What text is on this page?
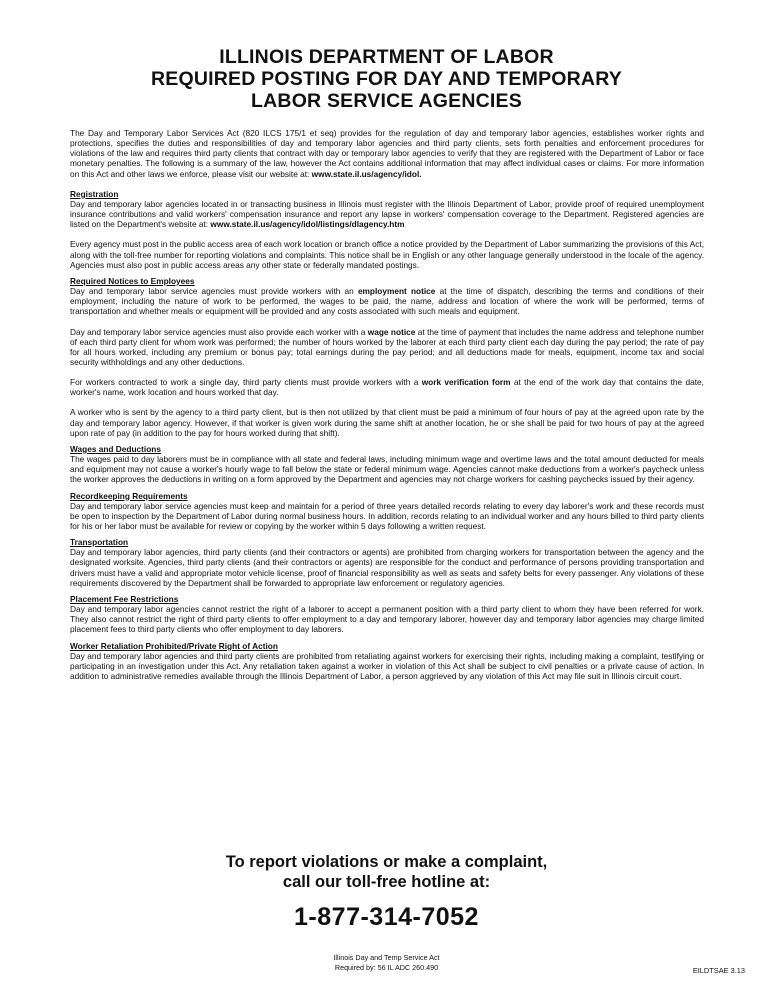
ILLINOIS DEPARTMENT OF LABOR
REQUIRED POSTING FOR DAY AND TEMPORARY
LABOR SERVICE AGENCIES

The Day and Temporary Labor Services Act (820 ILCS 175/1 et seq) provides for the regulation of day and temporary labor agencies, establishes worker rights and protections, specifies the duties and responsibilities of day and temporary labor agencies and third party clients, sets forth penalties and enforcement procedures for violations of the law and requires third party clients that contract with day or temporary labor agencies to verify that they are registered with the Department of Labor or face monetary penalties. The following is a summary of the law, however the Act contains additional information that may affect individual cases or claims. For more information on this Act and other laws we enforce, please visit our website at: www.state.il.us/agency/idol.

Registration

Day and temporary labor agencies located in or transacting business in Illinois must register with the Illinois Department of Labor, provide proof of required unemployment insurance contributions and valid workers' compensation insurance and report any lapse in workers' compensation coverage to the Department. Registered agencies are listed on the Department's website at: www.state.il.us/agency/idol/listings/dlagency.htm

Every agency must post in the public access area of each work location or branch office a notice provided by the Department of Labor summarizing the provisions of this Act, along with the toll-free number for reporting violations and complaints. This notice shall be in English or any other language generally understood in the locale of the agency. Agencies must also post in public access areas any other state or federally mandated postings.

Required Notices to Employees

Day and temporary labor service agencies must provide workers with an employment notice at the time of dispatch, describing the terms and conditions of their employment, including the nature of work to be performed, the wages to be paid, the name, address and location of where the work will be performed, terms of transportation and whether meals or equipment will be provided and any costs associated with such meals and equipment.

Day and temporary labor service agencies must also provide each worker with a wage notice at the time of payment that includes the name address and telephone number of each third party client for whom work was performed; the number of hours worked by the laborer at each third party client each day during the pay period; the rate of pay for all hours worked, including any premium or bonus pay; total earnings during the pay period; and all deductions made for meals, equipment, income tax and social security withholdings and any other deductions.

For workers contracted to work a single day, third party clients must provide workers with a work verification form at the end of the work day that contains the date, worker's name, work location and hours worked that day.

A worker who is sent by the agency to a third party client, but is then not utilized by that client must be paid a minimum of four hours of pay at the agreed upon rate by the day and temporary labor agency. However, if that worker is given work during the same shift at another location, he or she shall be paid for two hours of pay at the agreed upon rate of pay (in addition to the pay for hours worked during that shift).

Wages and Deductions

The wages paid to day laborers must be in compliance with all state and federal laws, including minimum wage and overtime laws and the total amount deducted for meals and equipment may not cause a worker's hourly wage to fall below the state or federal minimum wage. Agencies cannot make deductions from a worker's paycheck unless the worker approves the deductions in writing on a form approved by the Department and agencies may not charge workers for cashing paychecks issued by their agency.

Recordkeeping Requirements

Day and temporary labor service agencies must keep and maintain for a period of three years detailed records relating to every day laborer's work and these records must be open to inspection by the Department of Labor during normal business hours. In addition, records relating to an individual worker and any hours billed to third party clients for his or her labor must be available for review or copying by the worker within 5 days following a written request.

Transportation

Day and temporary labor agencies, third party clients (and their contractors or agents) are prohibited from charging workers for transportation between the agency and the designated worksite. Agencies, third party clients (and their contractors or agents) are responsible for the conduct and performance of persons providing transportation and drivers must have a valid and appropriate motor vehicle license, proof of financial responsibility as well as seats and safety belts for every passenger. Any violations of these requirements discovered by the Department shall be forwarded to appropriate law enforcement or regulatory agencies.

Placement Fee Restrictions

Day and temporary labor agencies cannot restrict the right of a laborer to accept a permanent position with a third party client to whom they have been referred for work. They also cannot restrict the right of third party clients to offer employment to a day and temporary laborer, however day and temporary labor agencies may charge limited placement fees to third party clients who offer employment to day laborers.

Worker Retaliation Prohibited/Private Right of Action

Day and temporary labor agencies and third party clients are prohibited from retaliating against workers for exercising their rights, including making a complaint, testifying or participating in an investigation under this Act. Any retaliation taken against a worker in violation of this Act shall be subject to civil penalties or a private cause of action. In addition to administrative remedies available through the Illinois Department of Labor, a person aggrieved by any violation of this Act may file suit in Illinois circuit court.

To report violations or make a complaint,
call our toll-free hotline at:
1-877-314-7052
Illinois Day and Temp Service Act
Required by: 56 IL ADC 260.490	EILDTSAE 3.13
